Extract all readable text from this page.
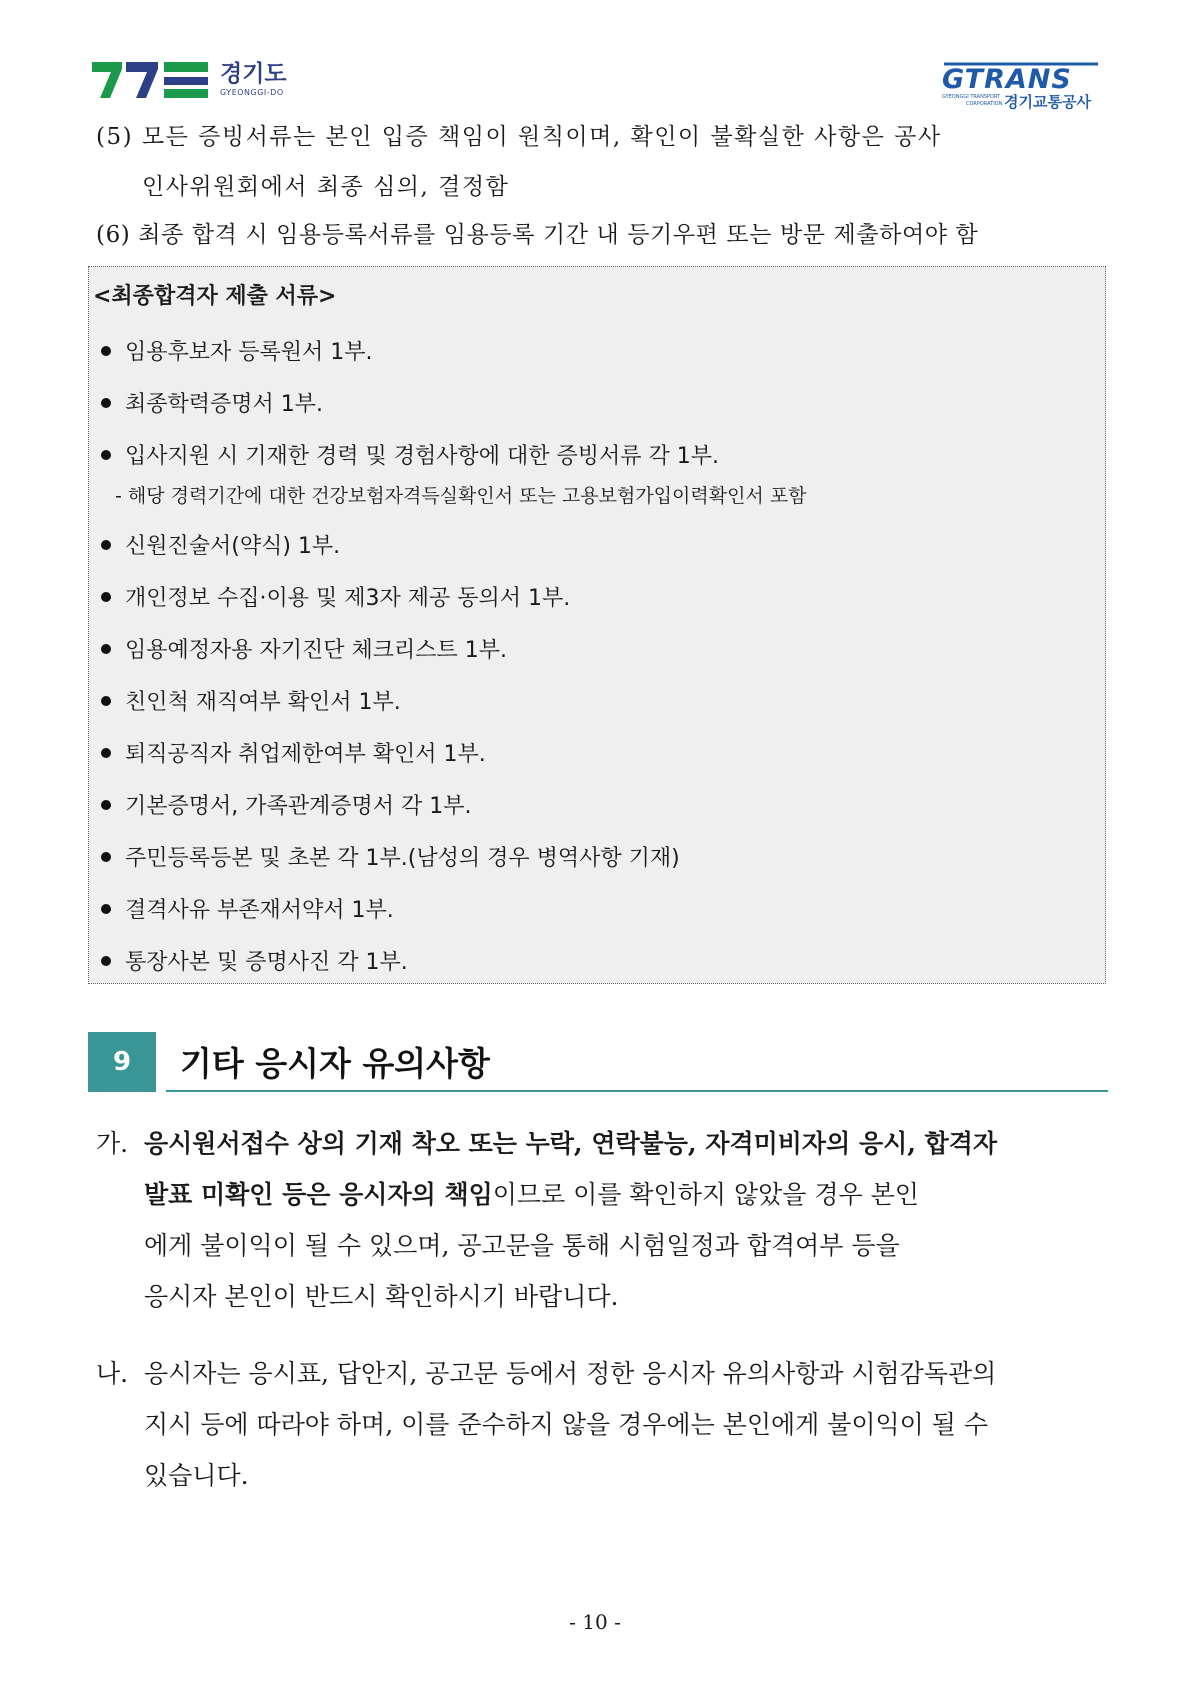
경기도
GYEONGGI-DO	GTRANS
GYEONGGI TRANSPORT
CORPORATION 경기교통공사
(5) 모든 증빙서류는 본인 입증 책임이 원칙이며, 확인이 불확실한 사항은 공사
인사위원회에서 최종 심의, 결정함
(6) 최종 합격 시 임용등록서류를 임용등록 기간 내 등기우편 또는 방문 제출하여야 함
<최종합격자 제출 서류>
임용후보자 등록원서 1부.
최종학력증명서 1부.
입사지원 시 기재한 경력 및 경험사항에 대한 증빙서류 각 1부.
- 해당 경력기간에 대한 건강보험자격득실확인서 또는 고용보험가입이력확인서 포함
신원진술서(약식) 1부.
개인정보 수집·이용 및 제3자 제공 동의서 1부.
임용예정자용 자기진단 체크리스트 1부.
친인척 재직여부 확인서 1부.
퇴직공직자 취업제한여부 확인서 1부.
기본증명서, 가족관계증명서 각 1부.
주민등록등본 및 초본 각 1부.(남성의 경우 병역사항 기재)
결격사유 부존재서약서 1부.
통장사본 및 증명사진 각 1부.
9	기타 응시자 유의사항
가. 응시원서접수 상의 기재 착오 또는 누락, 연락불능, 자격미비자의 응시, 합격자
발표 미확인 등은 응시자의 책임이므로 이를 확인하지 않았을 경우 본인
에게 불이익이 될 수 있으며, 공고문을 통해 시험일정과 합격여부 등을
응시자 본인이 반드시 확인하시기 바랍니다.
나. 응시자는 응시표, 답안지, 공고문 등에서 정한 응시자 유의사항과 시험감독관의
지시 등에 따라야 하며, 이를 준수하지 않을 경우에는 본인에게 불이익이 될 수
있습니다.
- 10 -
